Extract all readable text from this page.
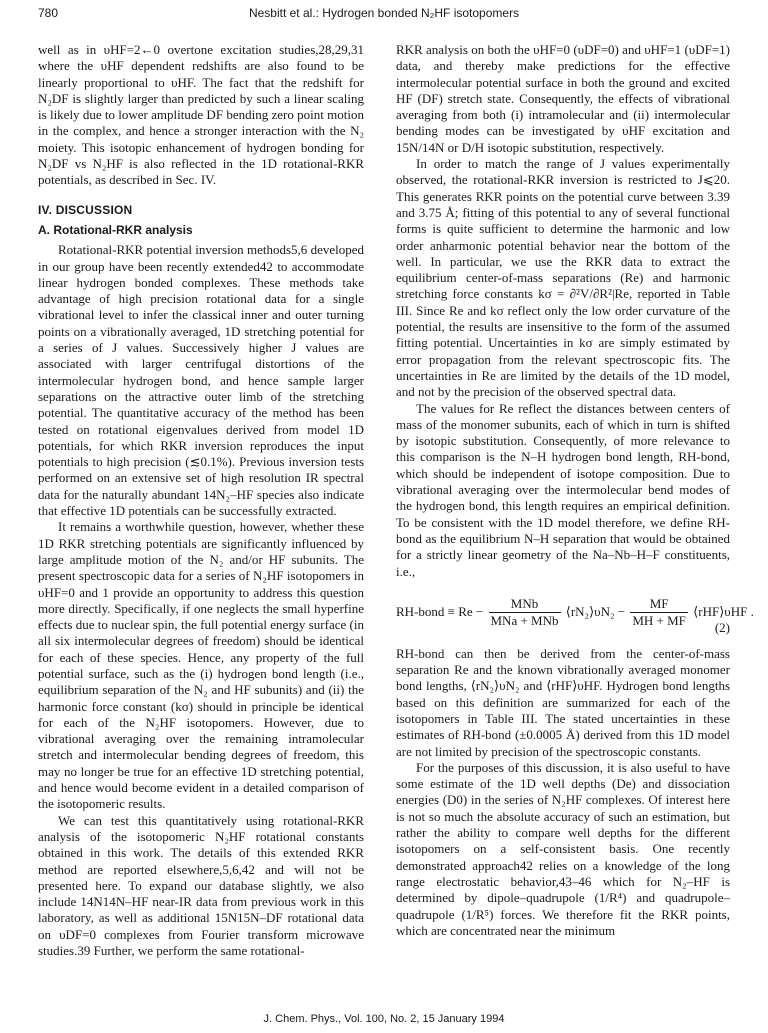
780	Nesbitt et al.: Hydrogen bonded N₂HF isotopomers

well as in υHF=2←0 overtone excitation studies,28,29,31 where the υHF dependent redshifts are also found to be linearly proportional to υHF. The fact that the redshift for N₂DF is slightly larger than predicted by such a linear scaling is likely due to lower amplitude DF bending zero point motion in the complex, and hence a stronger interaction with the N₂ moiety. This isotopic enhancement of hydrogen bonding for N₂DF vs N₂HF is also reflected in the 1D rotational-RKR potentials, as described in Sec. IV.

IV. DISCUSSION
A. Rotational-RKR analysis

Rotational-RKR potential inversion methods5,6 developed in our group have been recently extended42 to accommodate linear hydrogen bonded complexes. These methods take advantage of high precision rotational data for a single vibrational level to infer the classical inner and outer turning points on a vibrationally averaged, 1D stretching potential for a series of J values. Successively higher J values are associated with larger centrifugal distortions of the intermolecular hydrogen bond, and hence sample larger separations on the attractive outer limb of the stretching potential. The quantitative accuracy of the method has been tested on rotational eigenvalues derived from model 1D potentials, for which RKR inversion reproduces the input potentials to high precision (≲0.1%). Previous inversion tests performed on an extensive set of high resolution IR spectral data for the naturally abundant 14N₂–HF species also indicate that effective 1D potentials can be successfully extracted.

It remains a worthwhile question, however, whether these 1D RKR stretching potentials are significantly influenced by large amplitude motion of the N₂ and/or HF subunits. The present spectroscopic data for a series of N₂HF isotopomers in υHF=0 and 1 provide an opportunity to address this question more directly. Specifically, if one neglects the small hyperfine effects due to nuclear spin, the full potential energy surface (in all six intermolecular degrees of freedom) should be identical for each of these species. Hence, any property of the full potential surface, such as the (i) hydrogen bond length (i.e., equilibrium separation of the N₂ and HF subunits) and (ii) the harmonic force constant (kσ) should in principle be identical for each of the N₂HF isotopomers. However, due to vibrational averaging over the remaining intramolecular stretch and intermolecular bending degrees of freedom, this may no longer be true for an effective 1D stretching potential, and hence would become evident in a detailed comparison of the isotopomeric results.

We can test this quantitatively using rotational-RKR analysis of the isotopomeric N₂HF rotational constants obtained in this work. The details of this extended RKR method are reported elsewhere,5,6,42 and will not be presented here. To expand our database slightly, we also include 14N14N–HF near-IR data from previous work in this laboratory, as well as additional 15N15N–DF rotational data on υDF=0 complexes from Fourier transform microwave studies.39 Further, we perform the same rotational-

RKR analysis on both the υHF=0 (υDF=0) and υHF=1 (υDF=1) data, and thereby make predictions for the effective intermolecular potential surface in both the ground and excited HF (DF) stretch state. Consequently, the effects of vibrational averaging from both (i) intramolecular and (ii) intermolecular bending modes can be investigated by υHF excitation and 15N/14N or D/H isotopic substitution, respectively.

In order to match the range of J values experimentally observed, the rotational-RKR inversion is restricted to J⩽20. This generates RKR points on the potential curve between 3.39 and 3.75 Å; fitting of this potential to any of several functional forms is quite sufficient to determine the harmonic and low order anharmonic potential behavior near the bottom of the well. In particular, we use the RKR data to extract the equilibrium center-of-mass separations (Re) and harmonic stretching force constants kσ = ∂²V/∂R²|Re, reported in Table III. Since Re and kσ reflect only the low order curvature of the potential, the results are insensitive to the form of the assumed fitting potential. Uncertainties in kσ are simply estimated by error propagation from the relevant spectroscopic fits. The uncertainties in Re are limited by the details of the 1D model, and not by the precision of the observed spectral data.

The values for Re reflect the distances between centers of mass of the monomer subunits, each of which in turn is shifted by isotopic substitution. Consequently, of more relevance to this comparison is the N–H hydrogen bond length, RH-bond, which should be independent of isotope composition. Due to vibrational averaging over the intermolecular bend modes of the hydrogen bond, this length requires an empirical definition. To be consistent with the 1D model therefore, we define RH-bond as the equilibrium N–H separation that would be obtained for a strictly linear geometry of the Na–Nb–H–F constituents, i.e.,

RH-bond ≡ $Re - \frac{\text{MNb}}{\text{MNa + MNb}}$ ⟨rN₂⟩υN₂ − $\frac{MF}{MH + MF}$ ⟨rHF⟩υHF .
(2)

RH-bond can then be derived from the center-of-mass separation Re and the known vibrationally averaged monomer bond lengths, ⟨rN₂⟩υN₂ and ⟨rHF⟩υHF. Hydrogen bond lengths based on this definition are summarized for each of the isotopomers in Table III. The stated uncertainties in these estimates of RH-bond (±0.0005 Å) derived from this 1D model are not limited by precision of the spectroscopic constants.

For the purposes of this discussion, it is also useful to have some estimate of the 1D well depths (De) and dissociation energies (D0) in the series of N₂HF complexes. Of interest here is not so much the absolute accuracy of such an estimation, but rather the ability to compare well depths for the different isotopomers on a self-consistent basis. One recently demonstrated approach42 relies on a knowledge of the long range electrostatic behavior,43–46 which for N₂–HF is determined by dipole–quadrupole (1/R⁴) and quadrupole–quadrupole (1/R⁵) forces. We therefore fit the RKR points, which are concentrated near the minimum

J. Chem. Phys., Vol. 100, No. 2, 15 January 1994
